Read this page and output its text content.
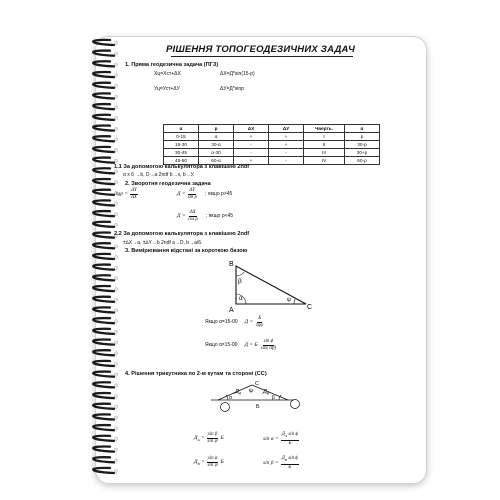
РІШЕННЯ ТОПОГЕОДЕЗИЧНИХ ЗАДАЧ
1. Пряма геодезична задача (ПГЗ)
Хц=Хст+ΔХ	ΔХ=Д*sin(15-р)
Уц=Уст+ΔУ	ΔУ=Д*sinр
α	р	ΔХ	ΔУ	Чверть.	α
0-15	α	+	+	I	р
15-30	30-α	-	+	II	30-р
30-45	α-30	-	-	III	30+р
45-60	60-α	+	-	IV	60-р
1.1 За допомогою калькулятора з клавішею 2ndf
α х 6 →b, D→a 2ndf b→x, b→У.
2. Зворотня геодезична задача
tgp = $\frac{\Delta Y}{\Delta X}$	$Д = \frac{\Delta Y}{\text{sin ρ}}$ ; якщо р>45
$Д = \frac{\Delta X}{\text{cos ρ}}$ ; якщо р<45
2.2 За допомогою калькулятора з клавішею 2ndf
±∆X→a, ±∆Y→b 2ndf a→D, b→a/6.
3. Вимірювання відстані за короткою базою
B
A	C
β
α	ψ
Якщо α=15-00 $Д = \frac{Б}{\text{tgψ}}$
Якщо α≠15-00 Д = Б $\frac{\text{sin ϕ}}{\sin( \alpha\beta)}$
4. Рішення трикутника по 2-м кутам та стороні (СС)
C
ψ
$Д_A$	$Д_B$
α	β
Б
$Д_A = \frac{\text{sin β}}{\text{sin ψ}}$ Б	$\sin \alpha = \frac{Д_A \sin \phi}{Б}$
$Д_B = \frac{\text{sin α}}{\text{sin ψ}}$ Б	$\sin \beta = \frac{Д_B \sin \phi}{Б}$
